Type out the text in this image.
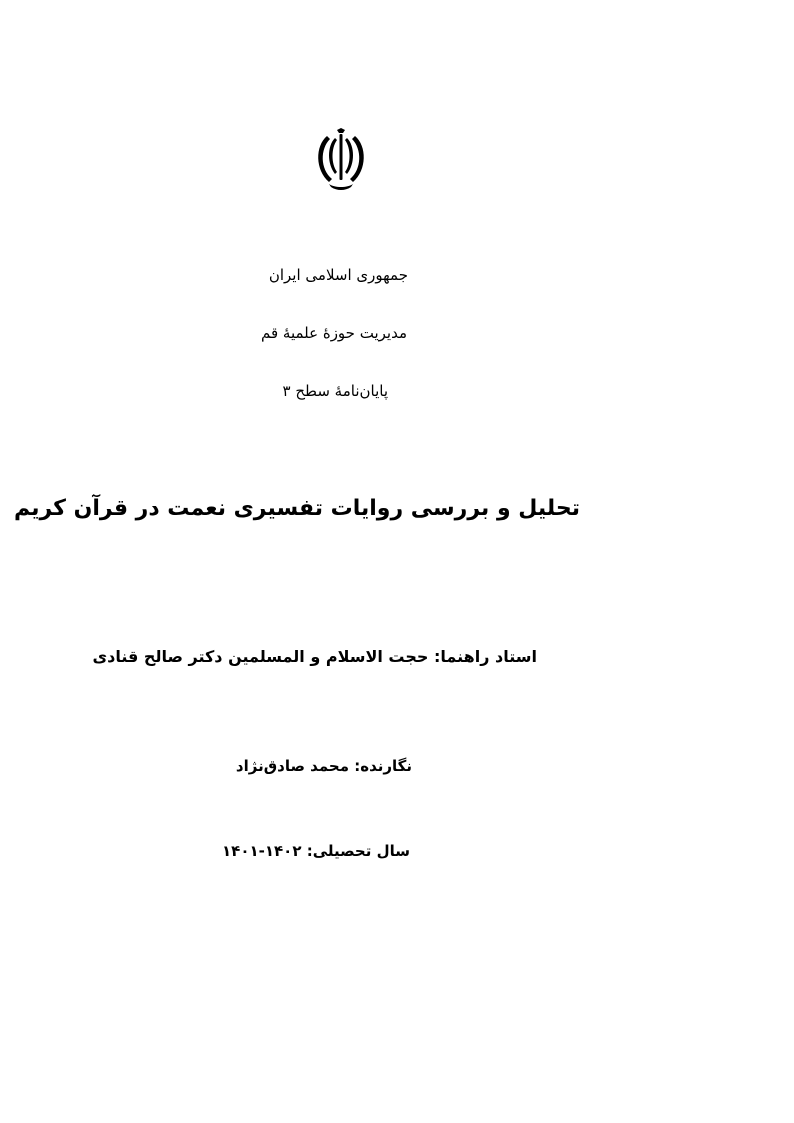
جمهوری اسلامی ایران
مدیریت حوزۀ علمیۀ قم
پایان‌نامۀ سطح ۳
تحلیل و بررسی روایات تفسیری نعمت در قرآن کریم
استاد راهنما: حجت الاسلام و المسلمین دکتر صالح قنادی
نگارنده: محمد صادق‌نژاد
سال تحصیلی: ۱۴۰۲-۱۴۰۱
